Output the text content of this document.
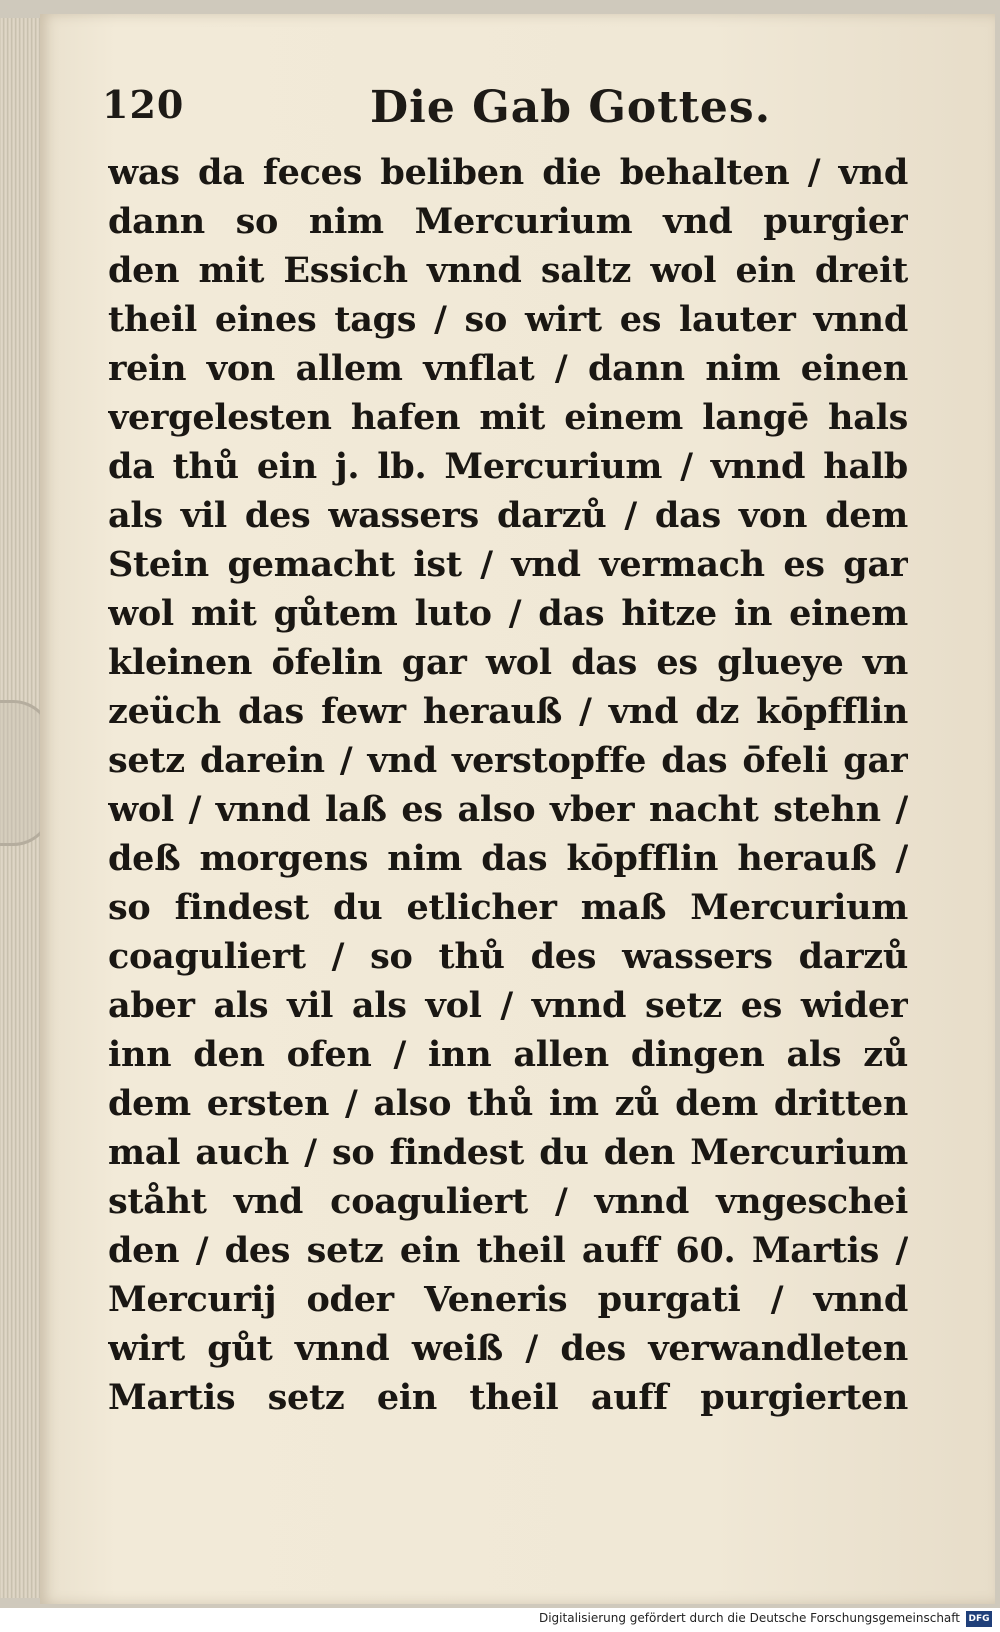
120	Die Gab Gottes.
was da feces beliben die behalten / vnd
dann so nim Mercurium vnd purgier
den mit Essich vnnd saltz wol ein dreit
theil eines tags / so wirt es lauter vnnd
rein von allem vnflat / dann nim einen
vergelesten hafen mit einem langē hals
da thů ein j. lb. Mercurium / vnnd halb
als vil des wassers darzů / das von dem
Stein gemacht ist / vnd vermach es gar
wol mit gůtem luto / das hitze in einem
kleinen ōfelin gar wol das es glueye vn
zeüch das fewr herauß / vnd dz kōpfflin
setz darein / vnd verstopffe das ōfeli gar
wol / vnnd laß es also vber nacht stehn /
deß morgens nim das kōpfflin herauß /
so findest du etlicher maß Mercurium
coaguliert / so thů des wassers darzů
aber als vil als vol / vnnd setz es wider
inn den ofen / inn allen dingen als zů
dem ersten / also thů im zů dem dritten
mal auch / so findest du den Mercurium
ståht vnd coaguliert / vnnd vngeschei
den / des setz ein theil auff 60. Martis /
Mercurij oder Veneris purgati / vnnd
wirt gůt vnnd weiß / des verwandleten
Martis setz ein theil auff purgierten
Digitalisierung gefördert durch die Deutsche Forschungsgemeinschaft DFG
